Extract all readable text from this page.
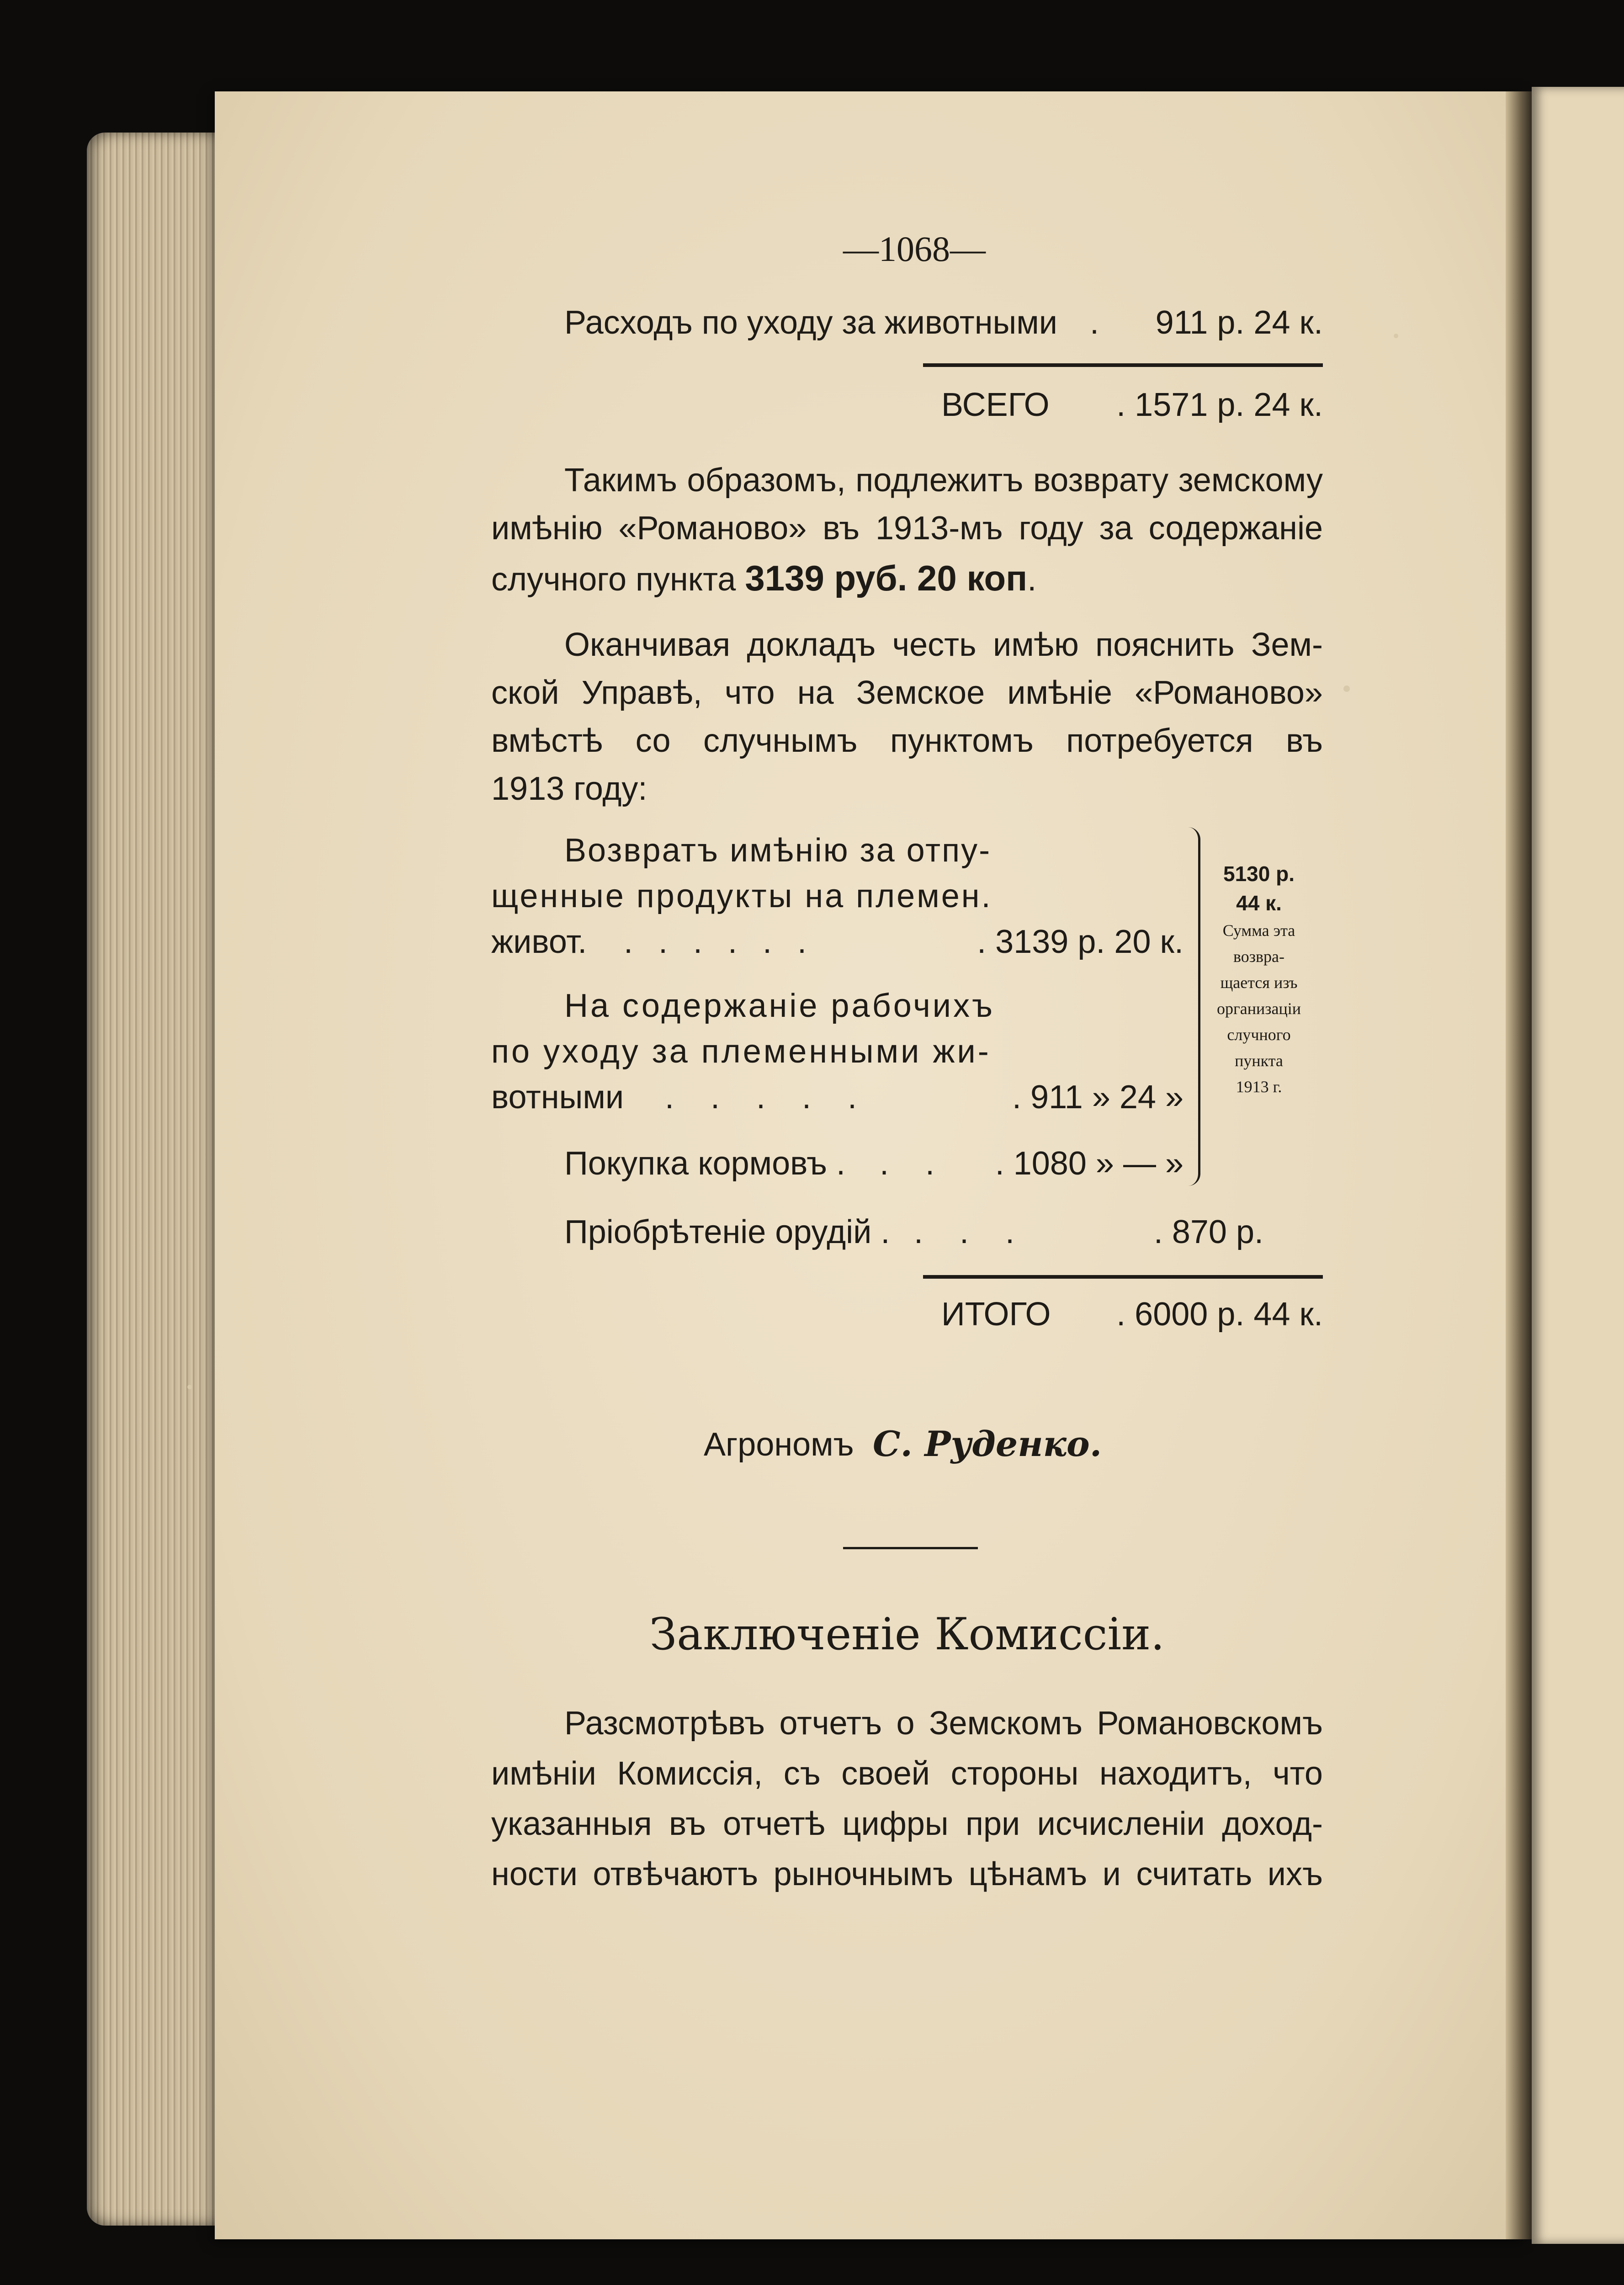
—1068—
Расходъ по уходу за животными .	911 р. 24 к.
ВСЕГО	. 1571 р. 24 к.
Такимъ образомъ, подлежитъ возврату земскому
имѣнію «Романово» въ 1913-мъ году за содержаніе
случного пункта 3139 руб. 20 коп.
Оканчивая докладъ честь имѣю пояснить Зем-
ской Управѣ, что на Земское имѣніе «Романово»
вмѣстѣ со случнымъ пунктомъ потребуется въ
1913 году:
Возвратъ имѣнію за отпу-
щенные продукты на племен.
живот. . . . . . .	. 3139 р. 20 к.
На содержаніе рабочихъ
по уходу за племенными жи-
вотными . . . . .	. 911 » 24 »
Покупка кормовъ . . .	. 1080 » — »
Пріобрѣтеніе орудій . . . .	. 870 р.
5130 р.
44 к.
Сумма эта
возвра-
щается изъ
организаціи
случного
пункта
1913 г.
ИТОГО	. 6000 р. 44 к.
Агрономъ С. Руденко.
Заключеніе Комиссіи.
Разсмотрѣвъ отчетъ о Земскомъ Романовскомъ
имѣніи Комиссія, съ своей стороны находитъ, что
указанныя въ отчетѣ цифры при исчисленіи доход-
ности отвѣчаютъ рыночнымъ цѣнамъ и считать ихъ
